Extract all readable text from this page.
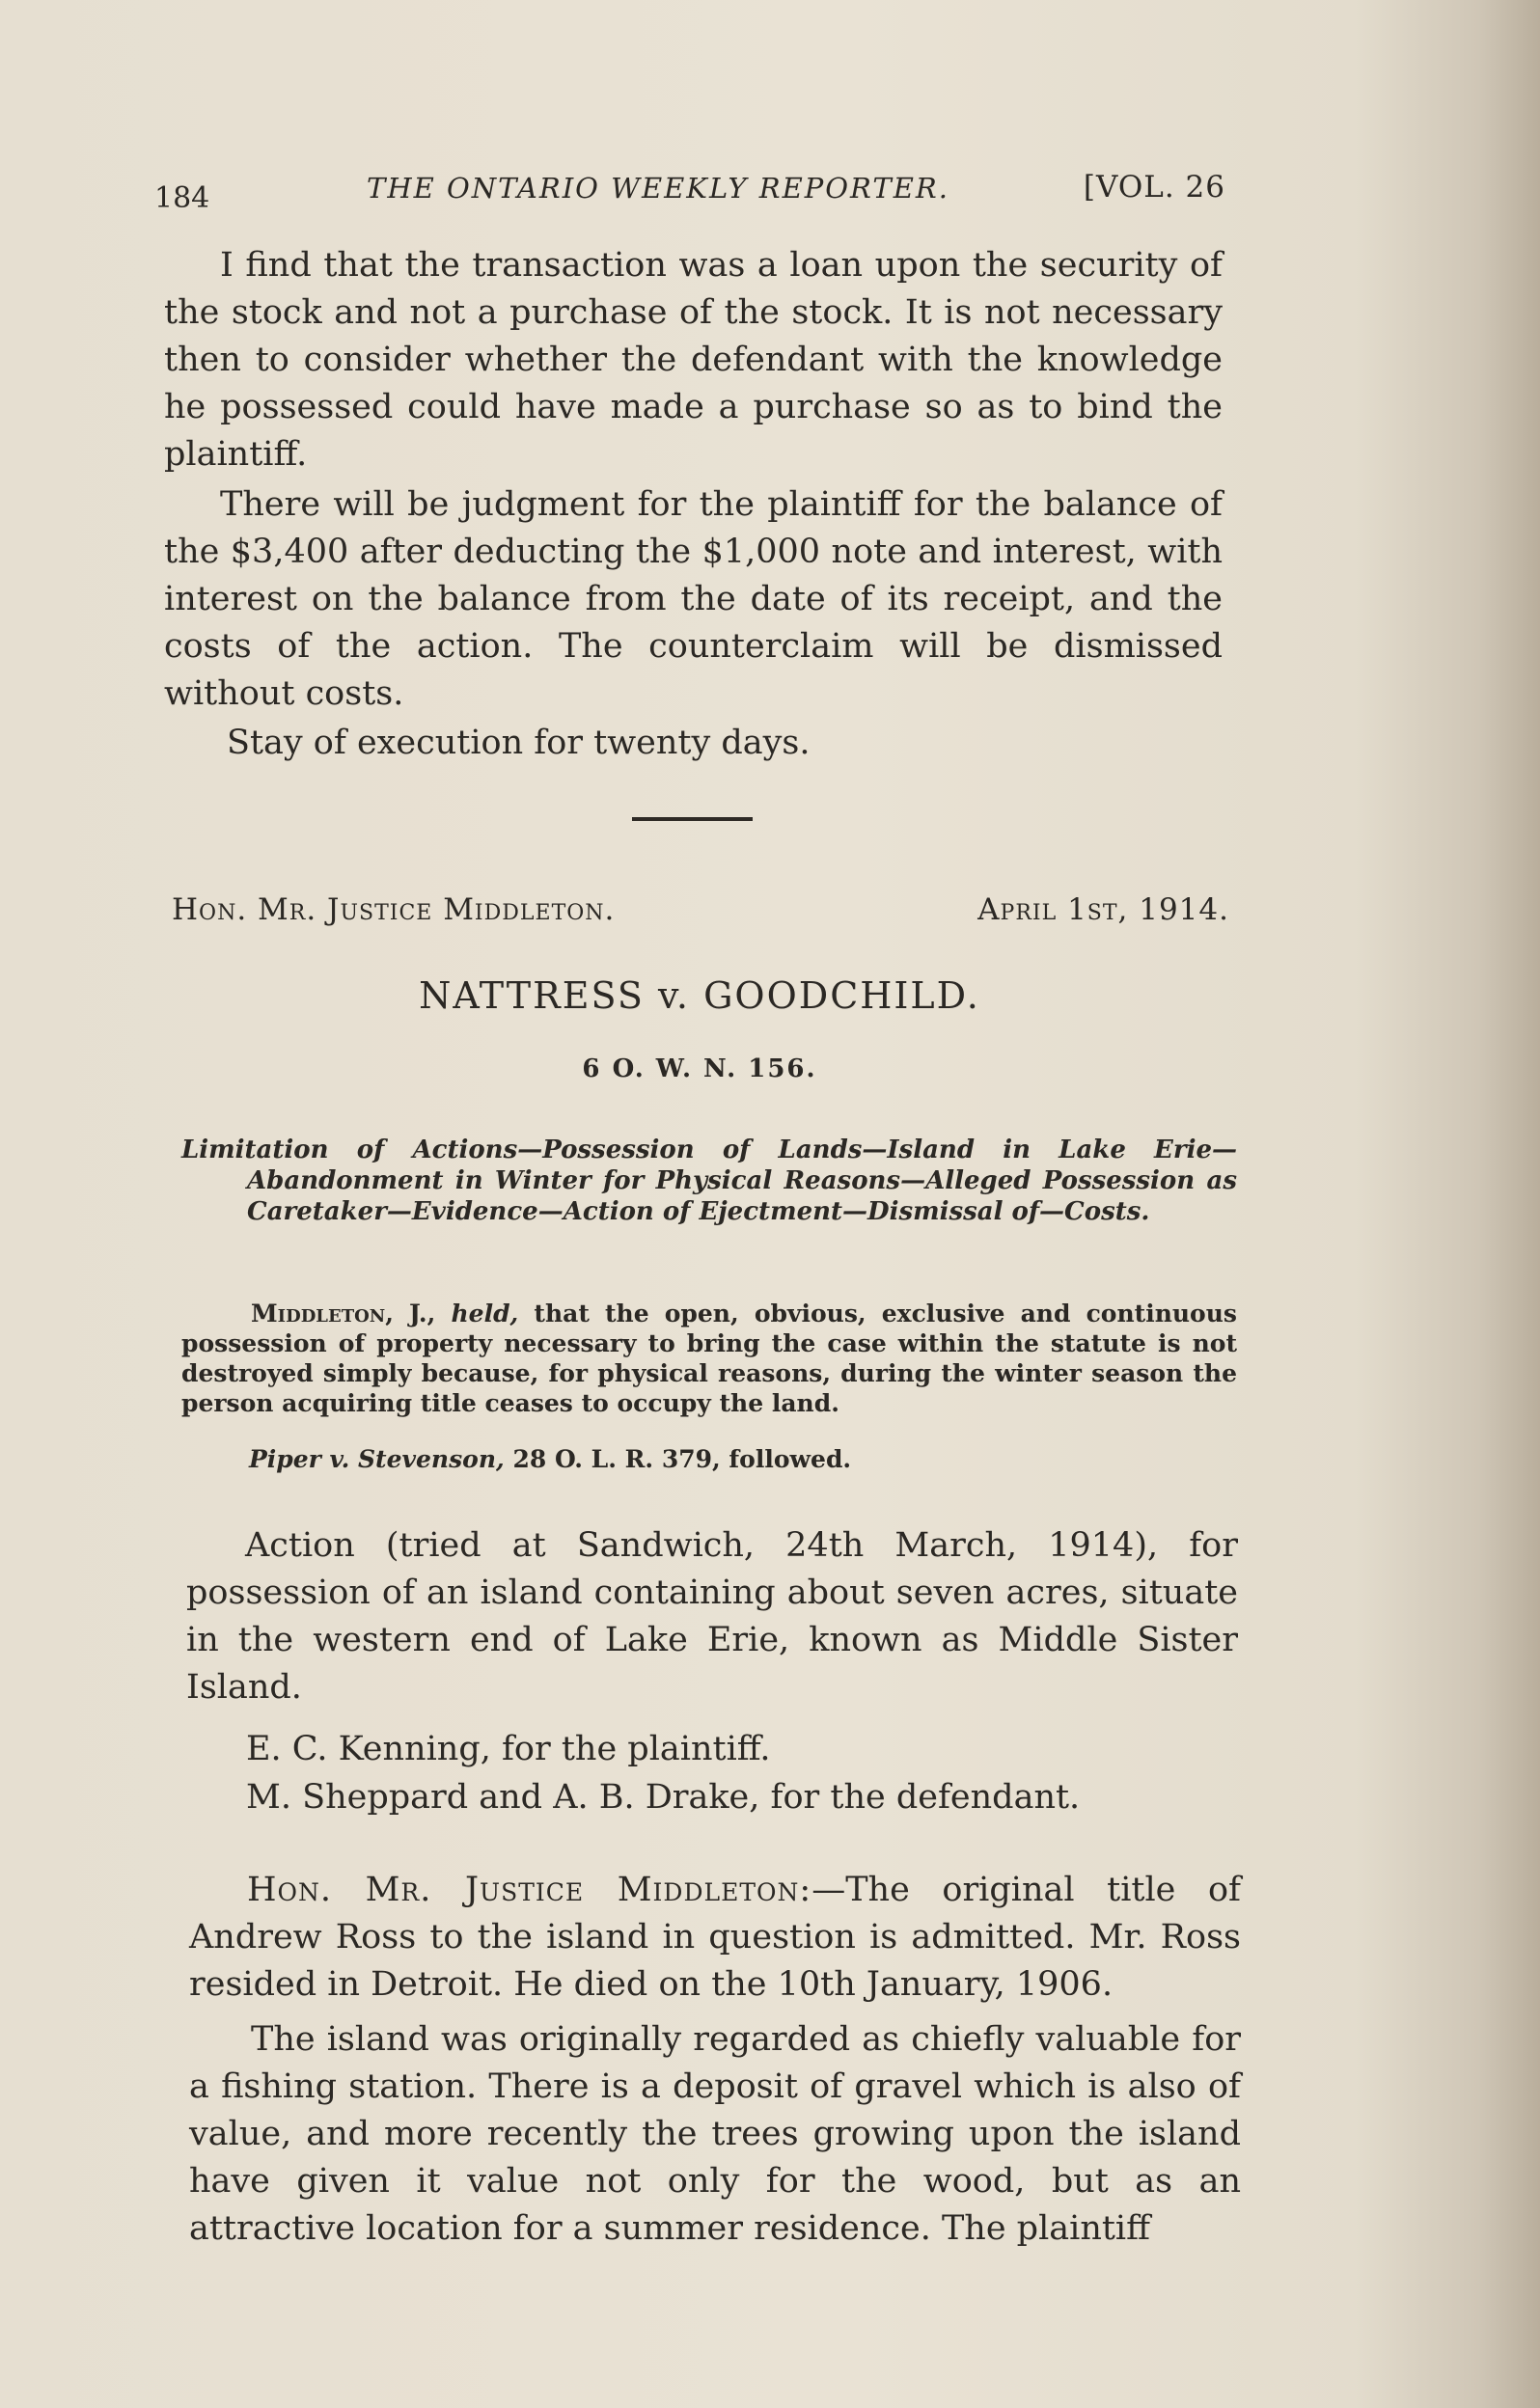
184	THE ONTARIO WEEKLY REPORTER.	[VOL. 26

I find that the transaction was a loan upon the security of the stock and not a purchase of the stock. It is not necessary then to consider whether the defendant with the knowledge he possessed could have made a purchase so as to bind the plaintiff.

There will be judgment for the plaintiff for the balance of the $3,400 after deducting the $1,000 note and interest, with interest on the balance from the date of its receipt, and the costs of the action. The counterclaim will be dismissed without costs.

Stay of execution for twenty days.

Hon. Mr. Justice Middleton.	April 1st, 1914.
NATTRESS v. GOODCHILD.
6 O. W. N. 156.
Limitation of Actions—Possession of Lands—Island in Lake Erie—Abandonment in Winter for Physical Reasons—Alleged Possession as Caretaker—Evidence—Action of Ejectment—Dismissal of—Costs.
Middleton, J., held, that the open, obvious, exclusive and continuous possession of property necessary to bring the case within the statute is not destroyed simply because, for physical reasons, during the winter season the person acquiring title ceases to occupy the land.
Piper v. Stevenson, 28 O. L. R. 379, followed.

Action (tried at Sandwich, 24th March, 1914), for possession of an island containing about seven acres, situate in the western end of Lake Erie, known as Middle Sister Island.

E. C. Kenning, for the plaintiff.
M. Sheppard and A. B. Drake, for the defendant.

Hon. Mr. Justice Middleton:—The original title of Andrew Ross to the island in question is admitted. Mr. Ross resided in Detroit. He died on the 10th January, 1906.

The island was originally regarded as chiefly valuable for a fishing station. There is a deposit of gravel which is also of value, and more recently the trees growing upon the island have given it value not only for the wood, but as an attractive location for a summer residence. The plaintiff
